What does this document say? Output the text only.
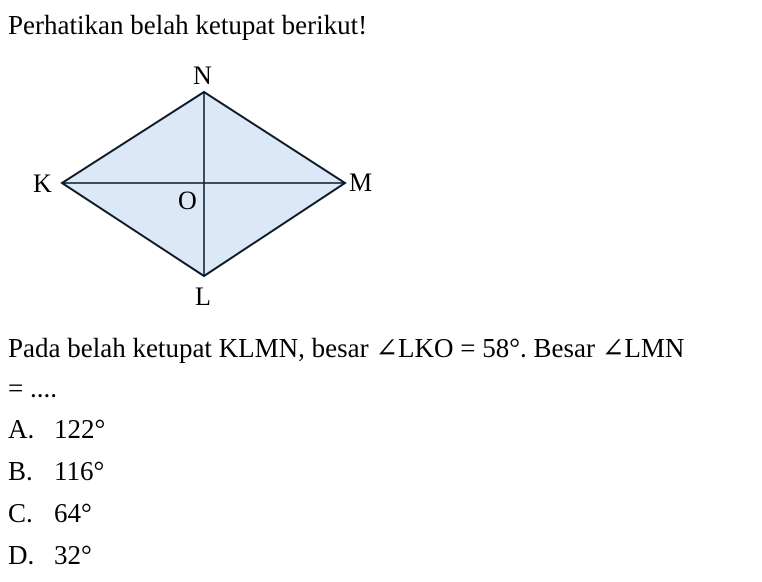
Perhatikan belah ketupat berikut!
N
K	M
L
O
Pada belah ketupat KLMN, besar ∠LKO = 58°. Besar ∠LMN
= ....
A. 122°
B. 116°
C. 64°
D. 32°
